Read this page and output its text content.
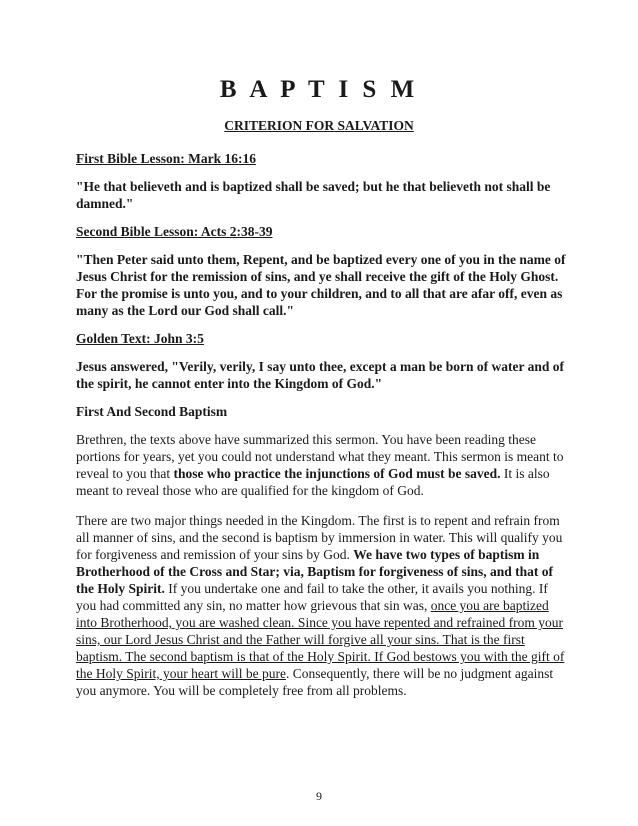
B A P T I S M
CRITERION FOR SALVATION

First Bible Lesson: Mark 16:16

"He that believeth and is baptized shall be saved; but he that believeth not shall be damned."

Second Bible Lesson: Acts 2:38-39

"Then Peter said unto them, Repent, and be baptized every one of you in the name of Jesus Christ for the remission of sins, and ye shall receive the gift of the Holy Ghost. For the promise is unto you, and to your children, and to all that are afar off, even as many as the Lord our God shall call."

Golden Text: John 3:5

Jesus answered, "Verily, verily, I say unto thee, except a man be born of water and of the spirit, he cannot enter into the Kingdom of God."

First And Second Baptism

Brethren, the texts above have summarized this sermon. You have been reading these portions for years, yet you could not understand what they meant. This sermon is meant to reveal to you that those who practice the injunctions of God must be saved. It is also meant to reveal those who are qualified for the kingdom of God.

There are two major things needed in the Kingdom. The first is to repent and refrain from all manner of sins, and the second is baptism by immersion in water. This will qualify you for forgiveness and remission of your sins by God. We have two types of baptism in Brotherhood of the Cross and Star; via, Baptism for forgiveness of sins, and that of the Holy Spirit. If you undertake one and fail to take the other, it avails you nothing. If you had committed any sin, no matter how grievous that sin was, once you are baptized into Brotherhood, you are washed clean. Since you have repented and refrained from your sins, our Lord Jesus Christ and the Father will forgive all your sins. That is the first baptism. The second baptism is that of the Holy Spirit. If God bestows you with the gift of the Holy Spirit, your heart will be pure. Consequently, there will be no judgment against you anymore. You will be completely free from all problems.

9
